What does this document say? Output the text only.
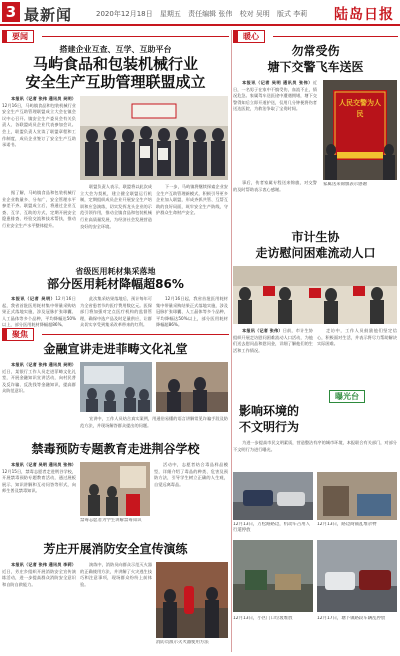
3 最新闻	2020年12月18日 星期五 责任编辑 张伟 校对 吴明 版式 李莉	陆岛日报
要闻
搭建企业互查、互学、互助平台
马屿食品和包装机械行业
安全生产互助管理联盟成立

本报讯（记者 张伟 通讯员 吴明）12月16日，马屿镇食品和包装机械行业安全生产互助管理联盟成立大会在镇会议中心召开。镇安全生产委员会有关负责人、各联盟成员企业代表参加会议。会上，联盟负责人宣读了联盟章程和工作制度，成员企业签订了安全生产互助承诺书。

据了解，马屿镇食品和包装机械行业企业数量多、分布广，安全管理水平参差不齐。联盟成立后，将通过企业互查、互学、互助的方式，定期开展安全隐患排查、经验交流和技术帮扶，推动行业安全生产水平整体提升。

联盟负责人表示，联盟将以此次成立大会为契机，建立健全联盟运行机制，定期组织成员企业开展安全生产培训和应急演练，切实发挥龙头企业的示范引领作用，推动全镇食品和包装机械行业高质量发展，为经济社会发展营造良好的安全环境。

下一步，马屿镇将继续探索企业安全生产互助管理新模式，积极引导更多企业加入联盟，形成齐抓共管、互帮互助的良好局面，筑牢安全生产防线，守护群众生命财产安全。

省级医用耗材集采落地
部分医用耗材降幅超86%

本报讯（记者 吴明）12月16日起，我省首批医用耗材集中带量采购结果正式落地实施，涉及冠脉扩张球囊、人工晶体等多个品种，平均降幅达50%以上，部分医用耗材降幅超86%。

此次集采结果落地后，预计每年可为全省患者节约医疗费用数亿元。医保部门将加强对定点医疗机构的监督管理，确保中选产品及时足量供应，让群众切实享受到集采改革带来的红利。

12月16日起，我省首批医用耗材集中带量采购结果正式落地实施，涉及冠脉扩张球囊、人工晶体等多个品种，平均降幅达50%以上，部分医用耗材降幅超86%。

聚焦
金融宣讲走进菲畴文化礼堂

本报讯（记者 张伟 通讯员 吴明）近日，某银行工作人员走进菲畴文化礼堂，开展金融知识宣讲活动，向村民普及反诈骗、反洗钱等金融知识，提高群众防范意识。

宣讲中，工作人员结合真实案例，用通俗易懂的语言讲解常见诈骗手段及防范方法，并现场解答群众提出的问题。

禁毒预防专题教育走进荆谷学校

本报讯（记者 吴明 通讯员 张伟）12月15日，禁毒志愿者走进荆谷学校，开展禁毒预防专题教育活动，通过展板展示、知识讲解和互动问答等形式，向师生普及禁毒知识。

活动中，志愿者结合毒品样品模型，详细介绍了毒品的种类、危害及预防方法，引导学生树立正确的人生观，自觉远离毒品。

禁毒志愿者为学生讲解禁毒知识
芳庄开展消防安全宣传演练

本报讯（记者 张伟 通讯员 李莉）近日，芳庄乡组织开展消防安全宣传演练活动，进一步提高群众消防安全意识和自防自救能力。

演练中，消防员向群众示范灭火器的正确使用方法，并讲解了火灾逃生技巧和注意事项，现场群众纷纷上前体验。

消防员演示灭火器使用方法
暖心
勿常受伤
塘下交警飞车送医

本报讯（记者 吴明 通讯员 张伟）近日，一名男子在家中不慎受伤，血流不止，情况危急。家属驾车送医途中遭遇拥堵，塘下交警得知后立即开道护送，仅用几分钟便将伤者送达医院，为救治争取了宝贵时间。

人民交警为人民
家属送来锦旗表示感谢

事后，伤者家属专程送来锦旗，对交警的及时帮助表示衷心感谢。

市计生协
走访慰问困难流动人口

本报讯（记者 张伟）日前，市计生协组织开展走访慰问困难流动人口活动，为他们送去慰问品和慰问金，详细了解他们的生活和工作情况。

走访中，工作人员鼓励他们坚定信心，积极面对生活，并表示将尽力帮助解决实际困难。

曝光台
影响环境的
不文明行为

为进一步提高市民文明素质，营造整洁有序的城市环境，本报联合有关部门，对部分不文明行为进行曝光。

12月13日，万松路路边，机动车占用人行道停放
12月13日，路边商铺乱堆杂物
12月13日，小区门口垃圾堆放	12月17日，塘下镇路段车辆乱停放
